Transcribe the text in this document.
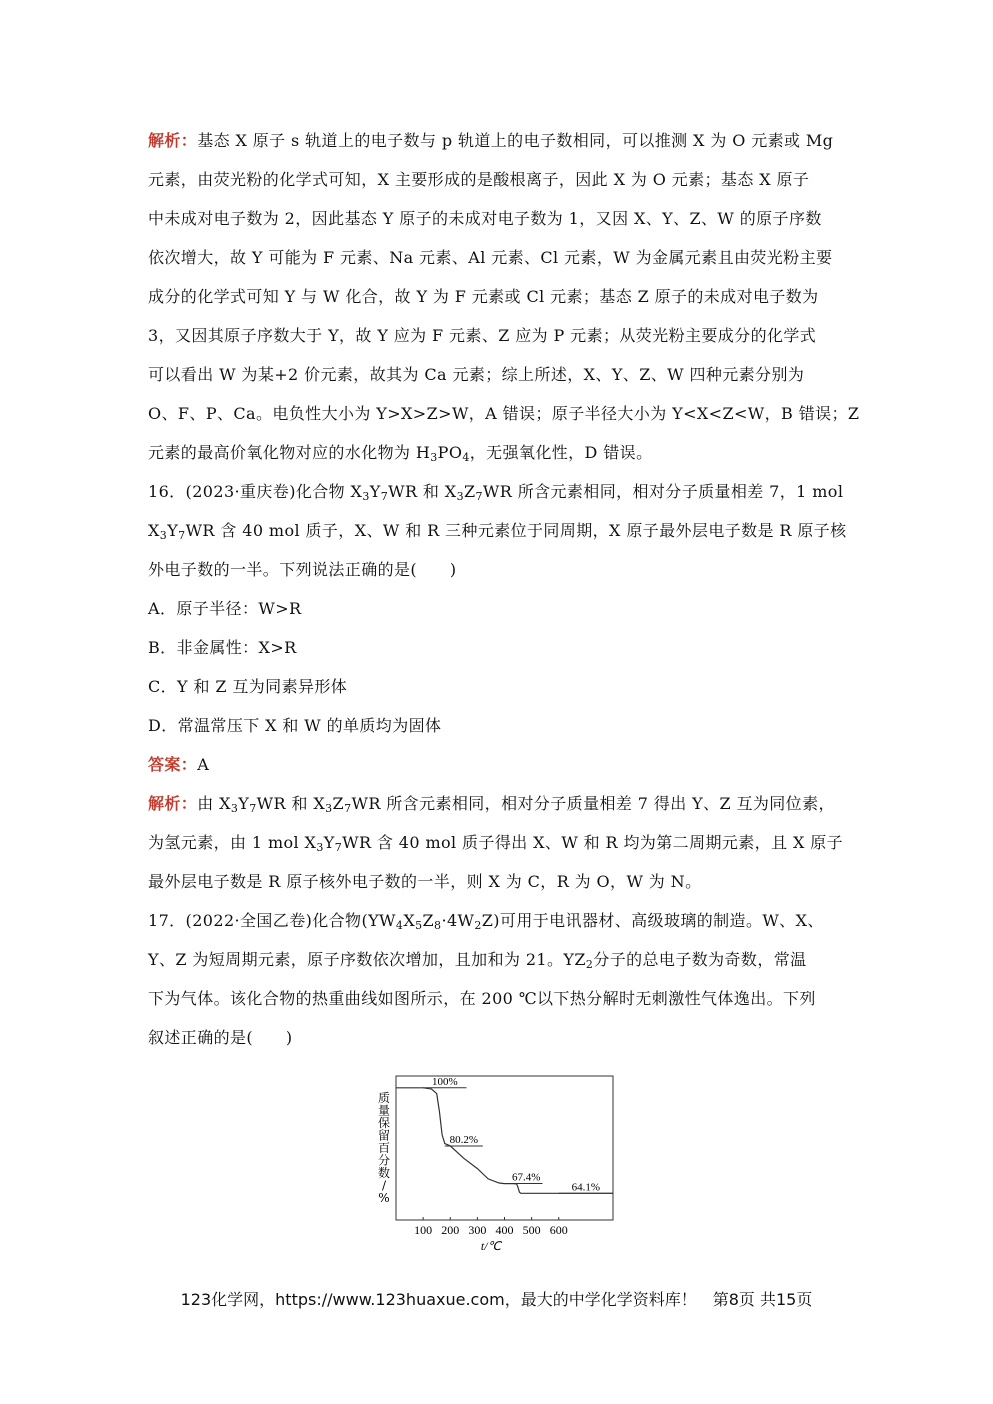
解析：基态 X 原子 s 轨道上的电子数与 p 轨道上的电子数相同，可以推测 X 为 O 元素或 Mg
元素，由荧光粉的化学式可知，X 主要形成的是酸根离子，因此 X 为 O 元素；基态 X 原子
中未成对电子数为 2，因此基态 Y 原子的未成对电子数为 1，又因 X、Y、Z、W 的原子序数
依次增大，故 Y 可能为 F 元素、Na 元素、Al 元素、Cl 元素，W 为金属元素且由荧光粉主要
成分的化学式可知 Y 与 W 化合，故 Y 为 F 元素或 Cl 元素；基态 Z 原子的未成对电子数为
3，又因其原子序数大于 Y，故 Y 应为 F 元素、Z 应为 P 元素；从荧光粉主要成分的化学式
可以看出 W 为某+2 价元素，故其为 Ca 元素；综上所述，X、Y、Z、W 四种元素分别为
O、F、P、Ca。电负性大小为 Y>X>Z>W，A 错误；原子半径大小为 Y<X<Z<W，B 错误；Z
元素的最高价氧化物对应的水化物为 $H_3PO_4$，无强氧化性，D 错误。
16．(2023·重庆卷)化合物 $X_3Y_7WR$ 和 $X_3Z_7WR$ 所含元素相同，相对分子质量相差 7，1 mol
$X_3Y_7WR$ 含 40 mol 质子，X、W 和 R 三种元素位于同周期，X 原子最外层电子数是 R 原子核
外电子数的一半。下列说法正确的是(　　)
A．原子半径：W>R
B．非金属性：X>R
C．Y 和 Z 互为同素异形体
D．常温常压下 X 和 W 的单质均为固体
答案：A
解析：由 $X_3Y_7WR$ 和 $X_3Z_7WR$ 所含元素相同，相对分子质量相差 7 得出 Y、Z 互为同位素，
为氢元素，由 1 mol $X_3Y_7WR$ 含 40 mol 质子得出 X、W 和 R 均为第二周期元素，且 X 原子
最外层电子数是 R 原子核外电子数的一半，则 X 为 C，R 为 O，W 为 N。
17．(2022·全国乙卷)化合物$(YW_4X_5Z_8\cdot 4W_2Z)$可用于电讯器材、高级玻璃的制造。W、X、
Y、Z 为短周期元素，原子序数依次增加，且加和为 21。$YZ_2$分子的总电子数为奇数，常温
下为气体。该化合物的热重曲线如图所示，在 200 ℃以下热分解时无刺激性气体逸出。下列
叙述正确的是(　　)
质
量
保
留
百
分
数
/
%
100 200 300 400 500 600
100%
80.2%
67.4%
64.1%
t/℃
123化学网，https://www.123huaxue.com，最大的中学化学资料库！　第8页 共15页
